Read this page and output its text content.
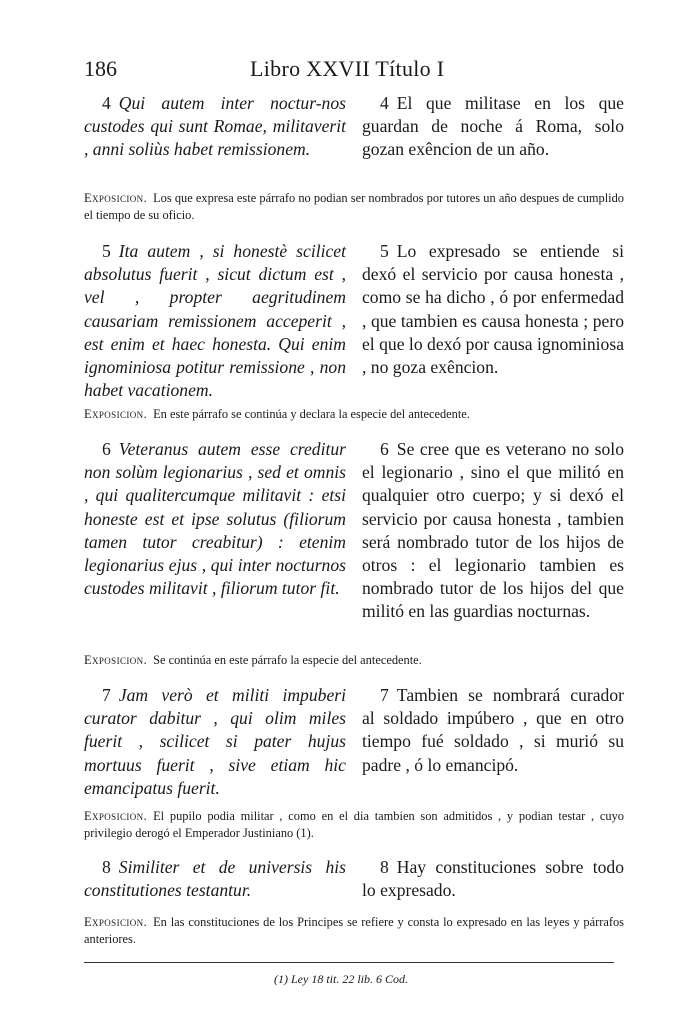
186	Libro XXVII Título I

4 Qui autem inter noctur-nos custodes qui sunt Romae, militaverit , anni soliùs habet remissionem.

4 El que militase en los que guardan de noche á Roma, solo gozan exêncion de un año.

Exposicion. Los que expresa este párrafo no podian ser nombrados por tutores un año despues de cumplido el tiempo de su oficio.

5 Ita autem , si honestè scilicet absolutus fuerit , sicut dictum est , vel , propter aegritudinem causariam remissionem acceperit , est enim et haec honesta. Qui enim ignominiosa potitur remissione , non habet vacationem.

5 Lo expresado se entiende si dexó el servicio por causa honesta , como se ha dicho , ó por enfermedad , que tambien es causa honesta ; pero el que lo dexó por causa ignominiosa , no goza exêncion.

Exposicion. En este párrafo se continúa y declara la especie del antecedente.

6 Veteranus autem esse creditur non solùm legionarius , sed et omnis , qui qualitercumque militavit : etsi honeste est et ipse solutus (filiorum tamen tutor creabitur) : etenim legionarius ejus , qui inter nocturnos custodes militavit , filiorum tutor fit.

6 Se cree que es veterano no solo el legionario , sino el que militó en qualquier otro cuerpo; y si dexó el servicio por causa honesta , tambien será nombrado tutor de los hijos de otros : el legionario tambien es nombrado tutor de los hijos del que militó en las guardias nocturnas.

Exposicion. Se continúa en este párrafo la especie del antecedente.

7 Jam verò et militi impuberi curator dabitur , qui olim miles fuerit , scilicet si pater hujus mortuus fuerit , sive etiam hic emancipatus fuerit.

7 Tambien se nombrará curador al soldado impúbero , que en otro tiempo fué soldado , si murió su padre , ó lo emancipó.

Exposicion. El pupilo podia militar , como en el dia tambien son admitidos , y podian testar , cuyo privilegio derogó el Emperador Justiniano (1).

8 Similiter et de universis his constitutiones testantur.

8 Hay constituciones sobre todo lo expresado.

Exposicion. En las constituciones de los Principes se refiere y consta lo expresado en las leyes y párrafos anteriores.
(1) Ley 18 tit. 22 lib. 6 Cod.
